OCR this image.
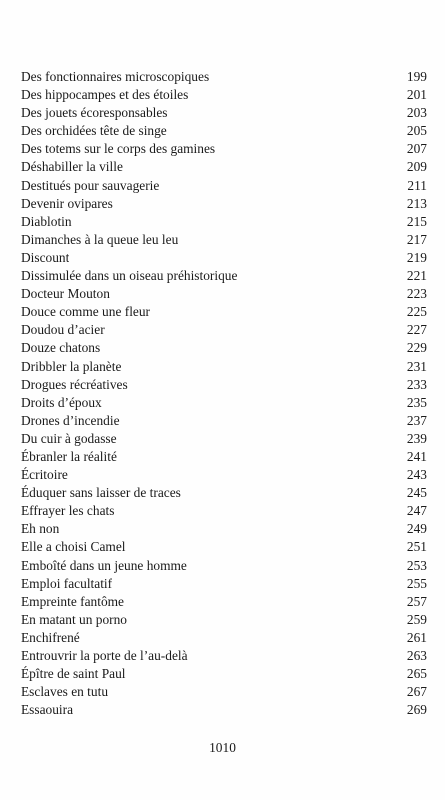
Des fonctionnaires microscopiques	199
Des hippocampes et des étoiles	201
Des jouets écoresponsables	203
Des orchidées tête de singe	205
Des totems sur le corps des gamines	207
Déshabiller la ville	209
Destitués pour sauvagerie	211
Devenir ovipares	213
Diablotin	215
Dimanches à la queue leu leu	217
Discount	219
Dissimulée dans un oiseau préhistorique	221
Docteur Mouton	223
Douce comme une fleur	225
Doudou d’acier	227
Douze chatons	229
Dribbler la planète	231
Drogues récréatives	233
Droits d’époux	235
Drones d’incendie	237
Du cuir à godasse	239
Ébranler la réalité	241
Écritoire	243
Éduquer sans laisser de traces	245
Effrayer les chats	247
Eh non	249
Elle a choisi Camel	251
Emboîté dans un jeune homme	253
Emploi facultatif	255
Empreinte fantôme	257
En matant un porno	259
Enchifrené	261
Entrouvrir la porte de l’au-delà	263
Épître de saint Paul	265
Esclaves en tutu	267
Essaouira	269
1010
